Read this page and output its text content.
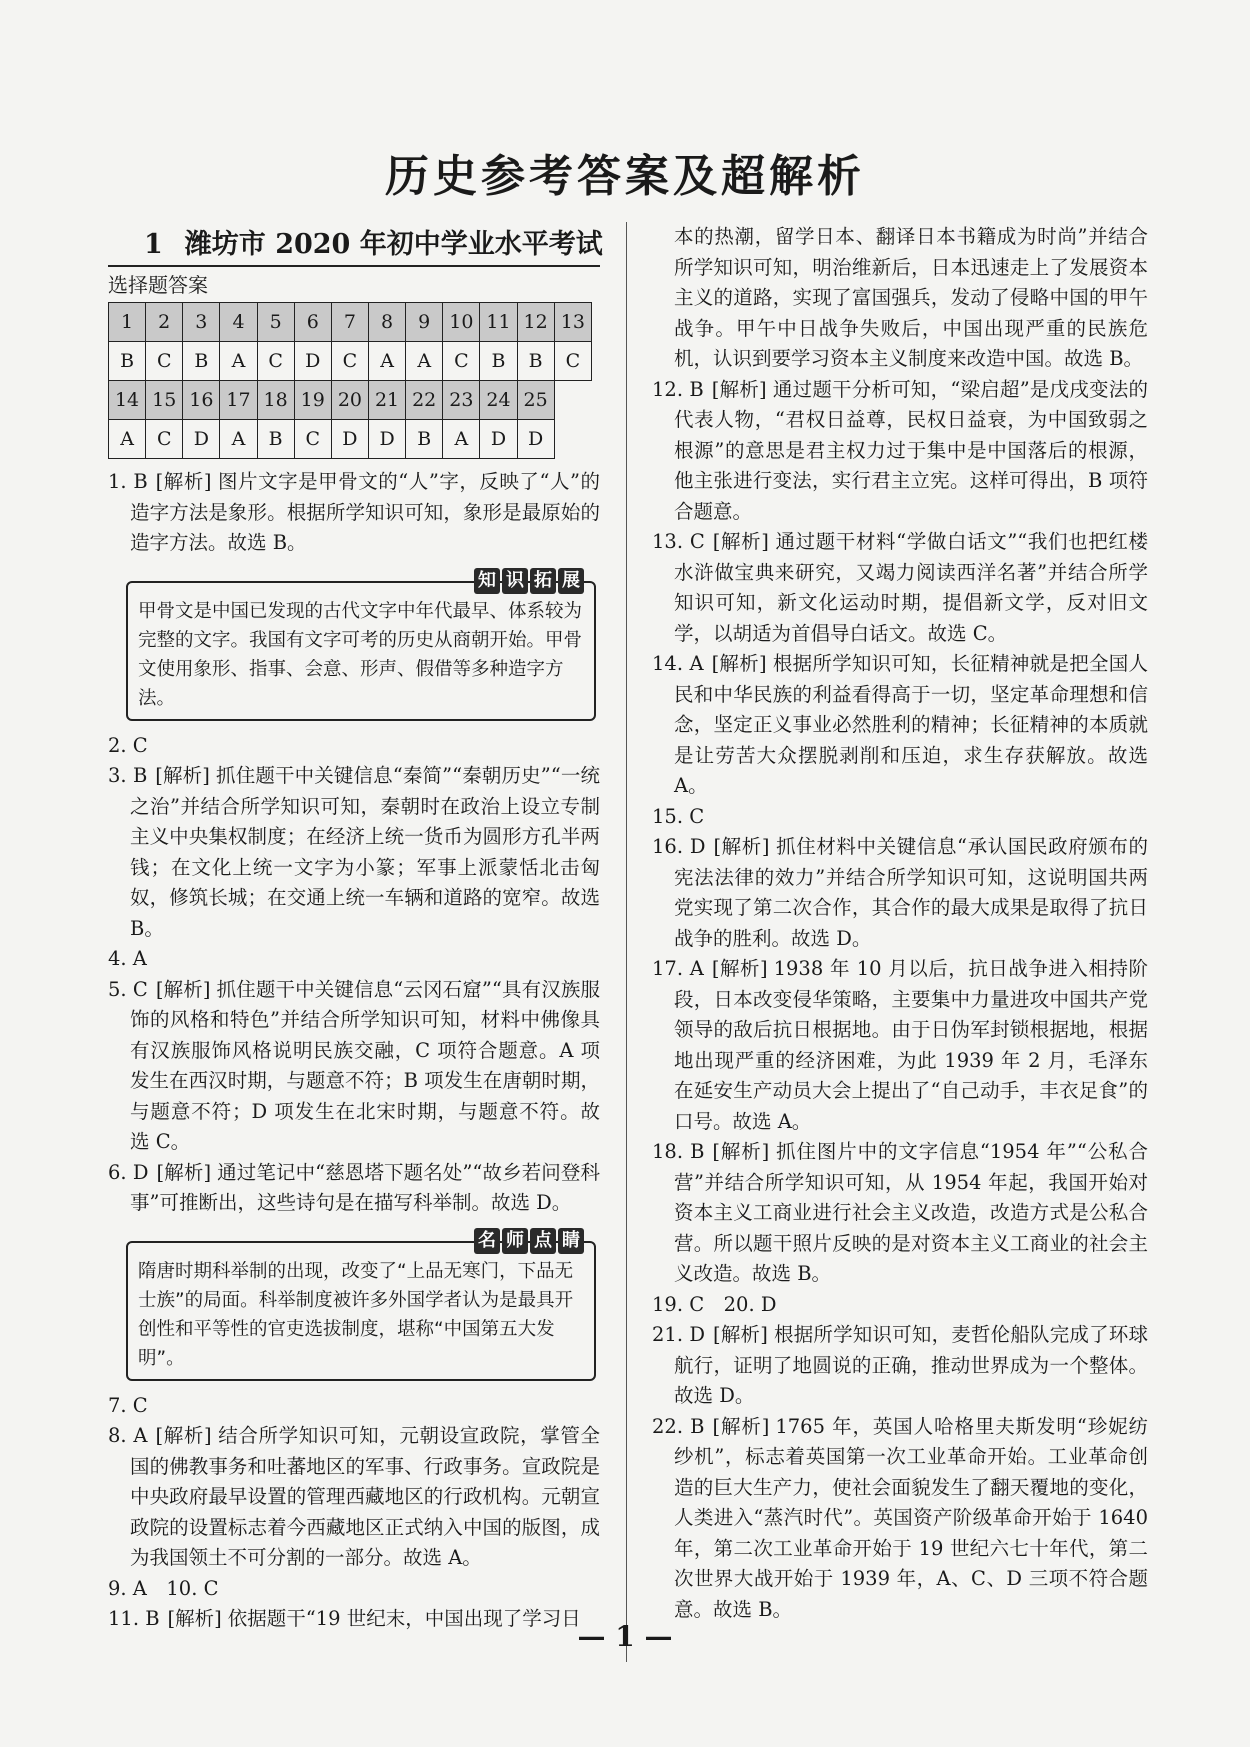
历史参考答案及超解析
1 潍坊市 2020 年初中学业水平考试
选择题答案
1	2	3	4	5	6	7	8	9	10	11	12	13
B	C	B	A	C	D	C	A	A	C	B	B	C
14	15	16	17	18	19	20	21	22	23	24	25	
A	C	D	A	B	C	D	D	B	A	D	D	

1. B [解析] 图片文字是甲骨文的“人”字，反映了“人”的造字方法是象形。根据所学知识可知，象形是最原始的造字方法。故选 B。

知 识 拓 展
甲骨文是中国已发现的古代文字中年代最早、体系较为完整的文字。我国有文字可考的历史从商朝开始。甲骨文使用象形、指事、会意、形声、假借等多种造字方法。

2. C

3. B [解析] 抓住题干中关键信息“秦简”“秦朝历史”“一统之治”并结合所学知识可知，秦朝时在政治上设立专制主义中央集权制度；在经济上统一货币为圆形方孔半两钱；在文化上统一文字为小篆；军事上派蒙恬北击匈奴，修筑长城；在交通上统一车辆和道路的宽窄。故选 B。

4. A

5. C [解析] 抓住题干中关键信息“云冈石窟”“具有汉族服饰的风格和特色”并结合所学知识可知，材料中佛像具有汉族服饰风格说明民族交融，C 项符合题意。A 项发生在西汉时期，与题意不符；B 项发生在唐朝时期，与题意不符；D 项发生在北宋时期，与题意不符。故选 C。

6. D [解析] 通过笔记中“慈恩塔下题名处”“故乡若问登科事”可推断出，这些诗句是在描写科举制。故选 D。

名 师 点 睛
隋唐时期科举制的出现，改变了“上品无寒门，下品无士族”的局面。科举制度被许多外国学者认为是最具开创性和平等性的官吏选拔制度，堪称“中国第五大发明”。

7. C

8. A [解析] 结合所学知识可知，元朝设宣政院，掌管全国的佛教事务和吐蕃地区的军事、行政事务。宣政院是中央政府最早设置的管理西藏地区的行政机构。元朝宣政院的设置标志着今西藏地区正式纳入中国的版图，成为我国领土不可分割的一部分。故选 A。

9. A　10. C

11. B [解析] 依据题干“19 世纪末，中国出现了学习日

本的热潮，留学日本、翻译日本书籍成为时尚”并结合所学知识可知，明治维新后，日本迅速走上了发展资本主义的道路，实现了富国强兵，发动了侵略中国的甲午战争。甲午中日战争失败后，中国出现严重的民族危机，认识到要学习资本主义制度来改造中国。故选 B。

12. B [解析] 通过题干分析可知，“梁启超”是戊戌变法的代表人物，“君权日益尊，民权日益衰，为中国致弱之根源”的意思是君主权力过于集中是中国落后的根源，他主张进行变法，实行君主立宪。这样可得出，B 项符合题意。

13. C [解析] 通过题干材料“学做白话文”“我们也把红楼水浒做宝典来研究，又竭力阅读西洋名著”并结合所学知识可知，新文化运动时期，提倡新文学，反对旧文学，以胡适为首倡导白话文。故选 C。

14. A [解析] 根据所学知识可知，长征精神就是把全国人民和中华民族的利益看得高于一切，坚定革命理想和信念，坚定正义事业必然胜利的精神；长征精神的本质就是让劳苦大众摆脱剥削和压迫，求生存获解放。故选 A。

15. C

16. D [解析] 抓住材料中关键信息“承认国民政府颁布的宪法法律的效力”并结合所学知识可知，这说明国共两党实现了第二次合作，其合作的最大成果是取得了抗日战争的胜利。故选 D。

17. A [解析] 1938 年 10 月以后，抗日战争进入相持阶段，日本改变侵华策略，主要集中力量进攻中国共产党领导的敌后抗日根据地。由于日伪军封锁根据地，根据地出现严重的经济困难，为此 1939 年 2 月，毛泽东在延安生产动员大会上提出了“自己动手，丰衣足食”的口号。故选 A。

18. B [解析] 抓住图片中的文字信息“1954 年”“公私合营”并结合所学知识可知，从 1954 年起，我国开始对资本主义工商业进行社会主义改造，改造方式是公私合营。所以题干照片反映的是对资本主义工商业的社会主义改造。故选 B。

19. C　20. D

21. D [解析] 根据所学知识可知，麦哲伦船队完成了环球航行，证明了地圆说的正确，推动世界成为一个整体。故选 D。

22. B [解析] 1765 年，英国人哈格里夫斯发明“珍妮纺纱机”，标志着英国第一次工业革命开始。工业革命创造的巨大生产力，使社会面貌发生了翻天覆地的变化，人类进入“蒸汽时代”。英国资产阶级革命开始于 1640 年，第二次工业革命开始于 19 世纪六七十年代，第二次世界大战开始于 1939 年，A、C、D 三项不符合题意。故选 B。

— 1 —
